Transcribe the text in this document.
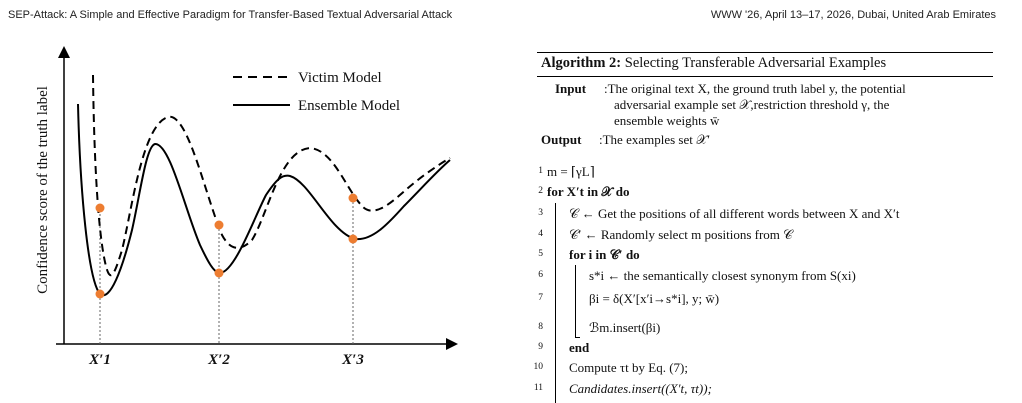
SEP-Attack: A Simple and Effective Paradigm for Transfer-Based Textual Adversarial Attack	WWW '26, April 13–17, 2026, Dubai, United Arab Emirates
Confidence score of the truth label
Victim Model
Ensemble Model
X′1	X′2	X′3
Algorithm 2: Selecting Transferable Adversarial Examples
Input :The original text X, the ground truth label y, the potential
adversarial example set 𝒳,restriction threshold γ, the
ensemble weights w̄
Output :The examples set 𝒳′
1 m = ⌈γL⌉
2 for X′t in 𝒳 do
3 𝒞 ← Get the positions of all different words between X and X′t
4 𝒞′ ← Randomly select m positions from 𝒞
5 for i in 𝒞′ do
6	s*i ← the semantically closest synonym from S(xi)
7	βi = δ(X′[x′i→s*i], y; w̄)
8	ℬm.insert(βi)
9 end
10 Compute τt by Eq. (7);
11 Candidates.insert((X′t, τt));
